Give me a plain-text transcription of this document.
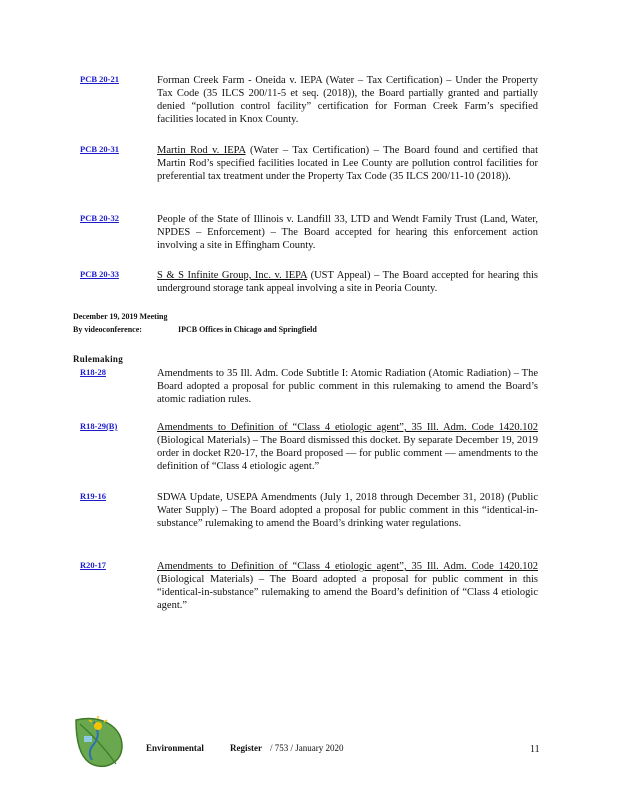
PCB 20-21	Forman Creek Farm - Oneida v. IEPA (Water – Tax Certification) – Under the Property Tax Code (35 ILCS 200/11-5 et seq. (2018)), the Board partially granted and partially denied “pollution control facility” certification for Forman Creek Farm’s specified facilities located in Knox County.

PCB 20-31	Martin Rod v. IEPA (Water – Tax Certification) – The Board found and certified that Martin Rod’s specified facilities located in Lee County are pollution control facilities for preferential tax treatment under the Property Tax Code (35 ILCS 200/11-10 (2018)).

PCB 20-32	People of the State of Illinois v. Landfill 33, LTD and Wendt Family Trust (Land, Water, NPDES – Enforcement) – The Board accepted for hearing this enforcement action involving a site in Effingham County.

PCB 20-33	S & S Infinite Group, Inc. v. IEPA (UST Appeal) – The Board accepted for hearing this underground storage tank appeal involving a site in Peoria County.

December 19, 2019 Meeting
By videoconference:	IPCB Offices in Chicago and Springfield
Rulemaking
R18-28	Amendments to 35 Ill. Adm. Code Subtitle I: Atomic Radiation (Atomic Radiation) – The Board adopted a proposal for public comment in this rulemaking to amend the Board’s atomic radiation rules.

R18-29(B)	Amendments to Definition of “Class 4 etiologic agent”, 35 Ill. Adm. Code 1420.102 (Biological Materials) – The Board dismissed this docket. By separate December 19, 2019 order in docket R20-17, the Board proposed — for public comment — amendments to the definition of “Class 4 etiologic agent.”

R19-16	SDWA Update, USEPA Amendments (July 1, 2018 through December 31, 2018) (Public Water Supply) – The Board adopted a proposal for public comment in this “identical-in-substance” rulemaking to amend the Board’s drinking water regulations.

R20-17	Amendments to Definition of “Class 4 etiologic agent”, 35 Ill. Adm. Code 1420.102 (Biological Materials) – The Board adopted a proposal for public comment in this “identical-in-substance” rulemaking to amend the Board’s definition of “Class 4 etiologic agent.”

Environmental	Register / 753 / January 2020	11
